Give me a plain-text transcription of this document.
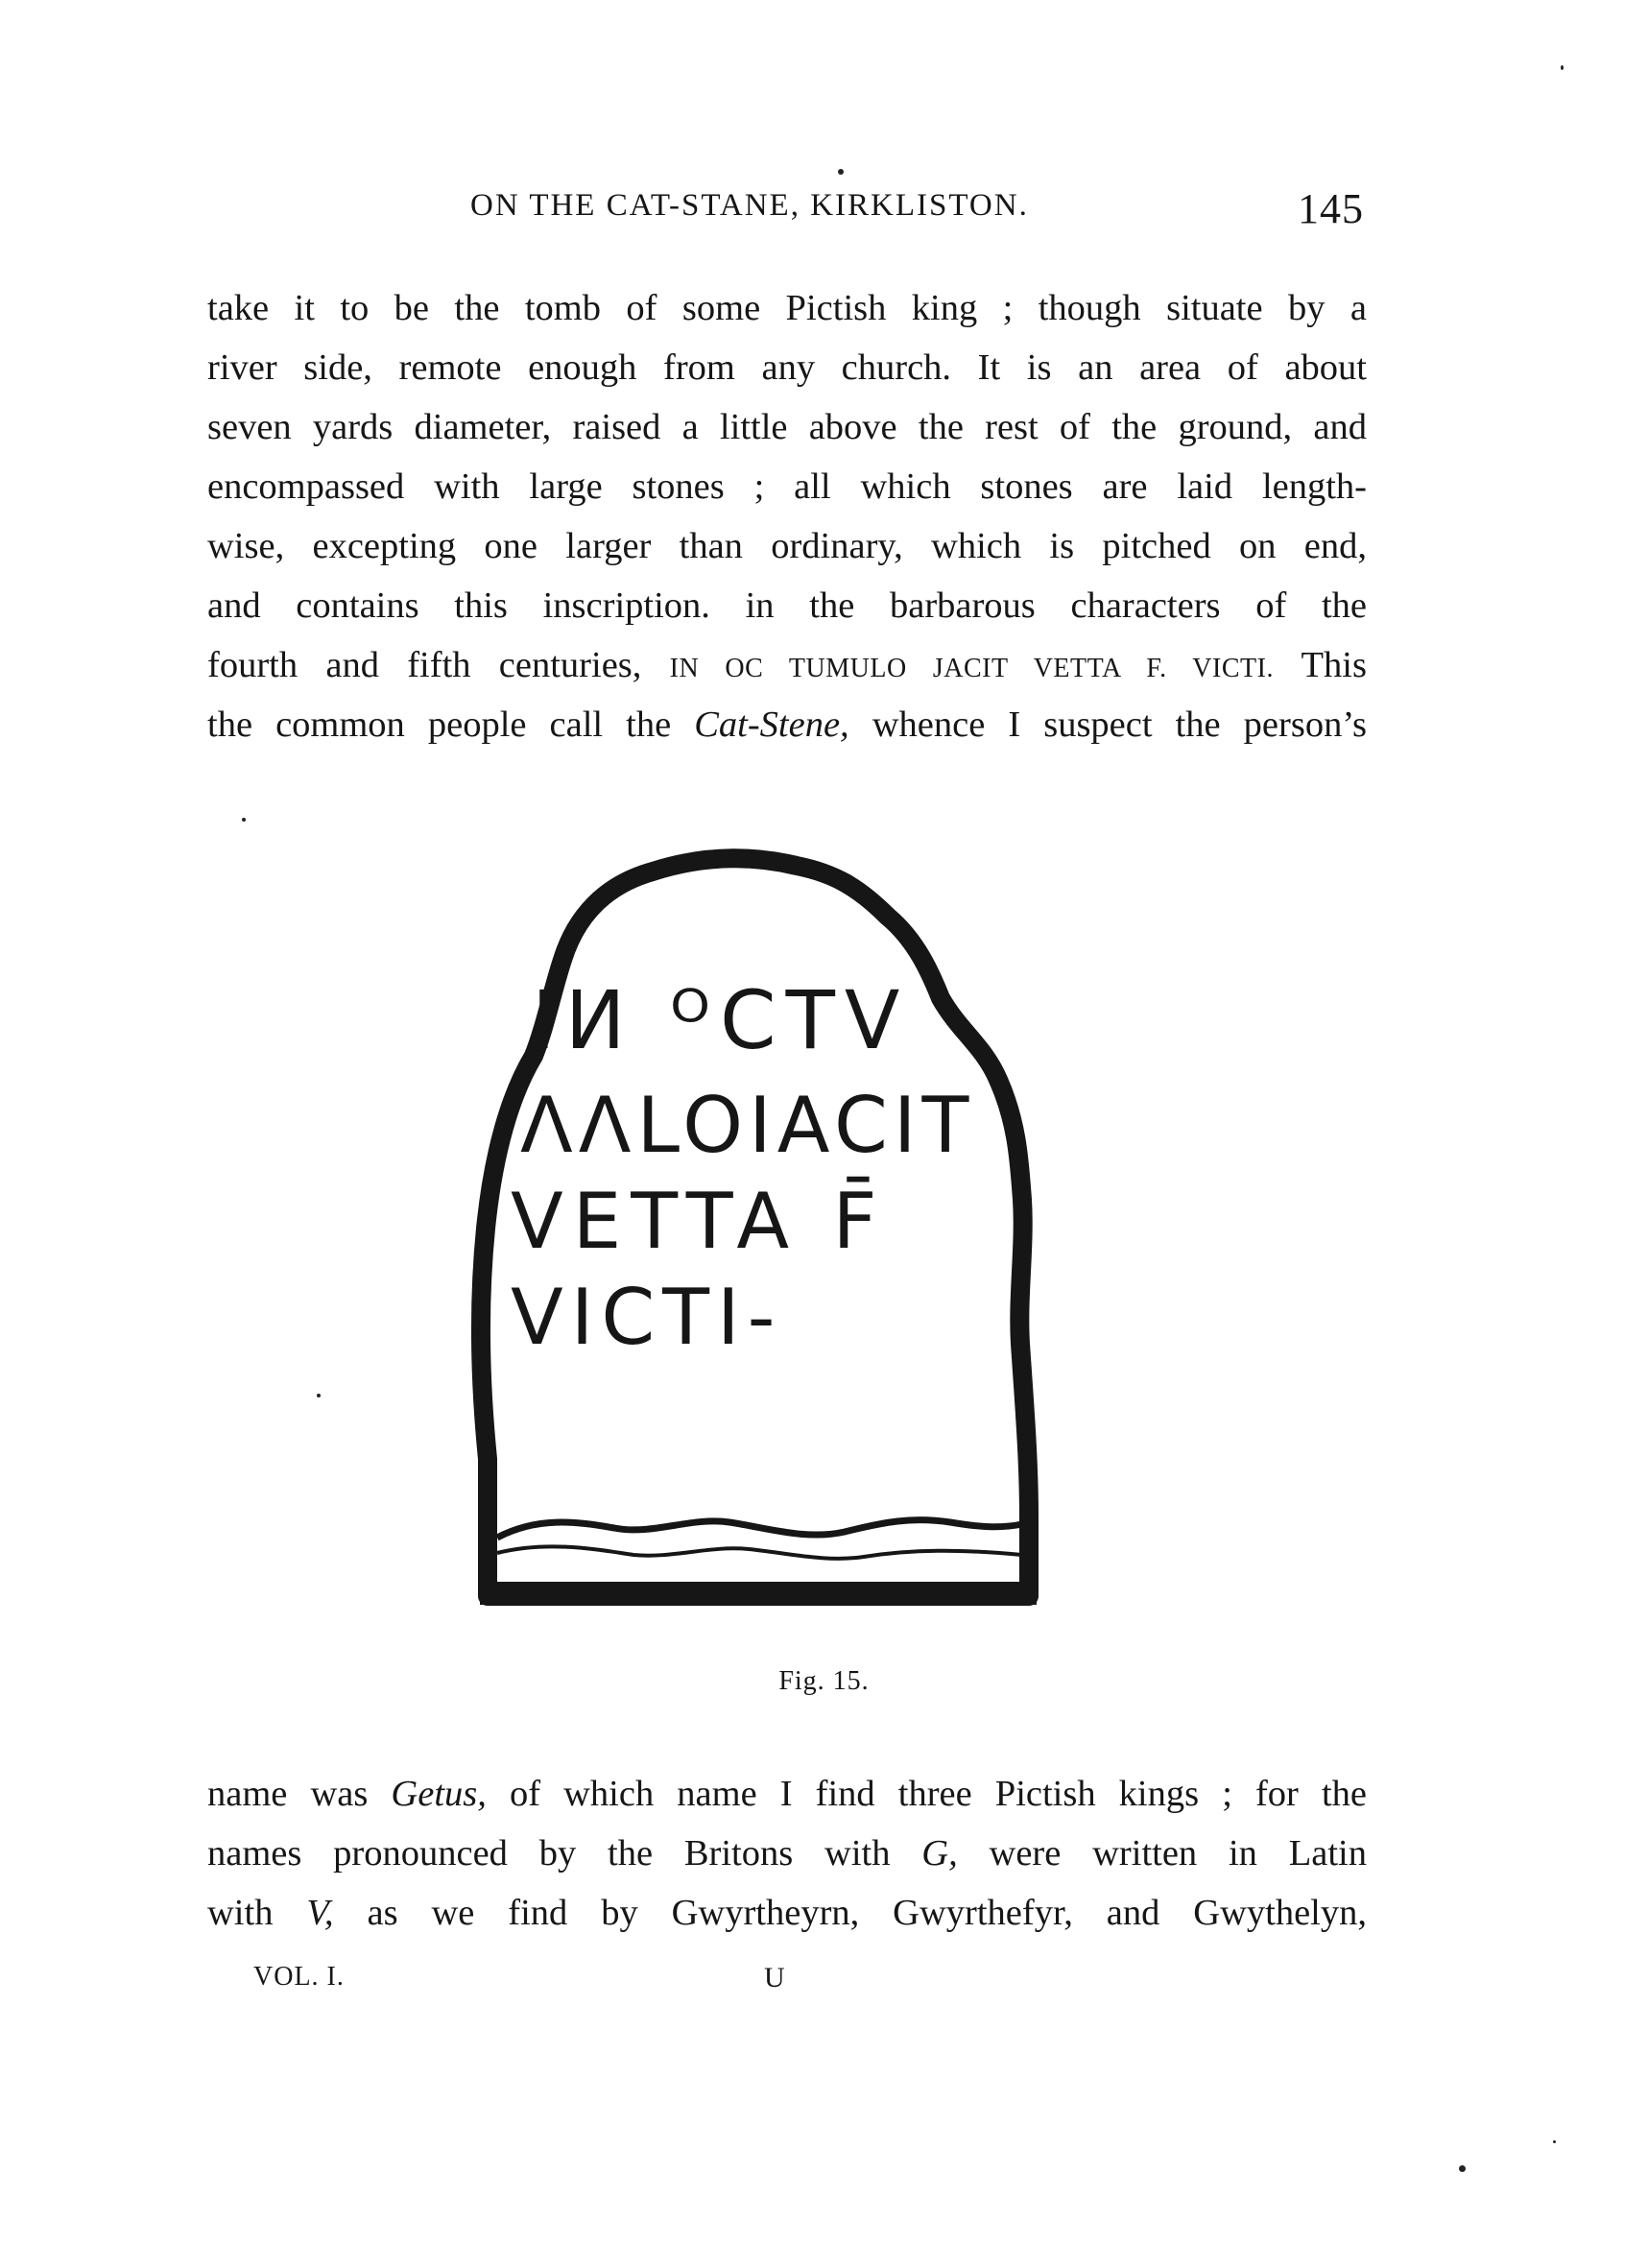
ON THE CAT-STANE, KIRKLISTON.	145
take it to be the tomb of some Pictish king ; though situate by a
river side, remote enough from any church. It is an area of about
seven yards diameter, raised a little above the rest of the ground, and
encompassed with large stones ; all which stones are laid length-
wise, excepting one larger than ordinary, which is pitched on end,
and contains this inscription. in the barbarous characters of the
fourth and fifth centuries, IN OC TUMULO JACIT VETTA F. VICTI. This
the common people call the Cat-Stene, whence I suspect the person’s
IИ ᴼCTV
ɅɅLOIACIT
VETTA F̄
VICTI-
Fig. 15.
name was Getus, of which name I find three Pictish kings ; for the
names pronounced by the Britons with G, were written in Latin
with V, as we find by Gwyrtheyrn, Gwyrthefyr, and Gwythelyn,
VOL. I.	U
